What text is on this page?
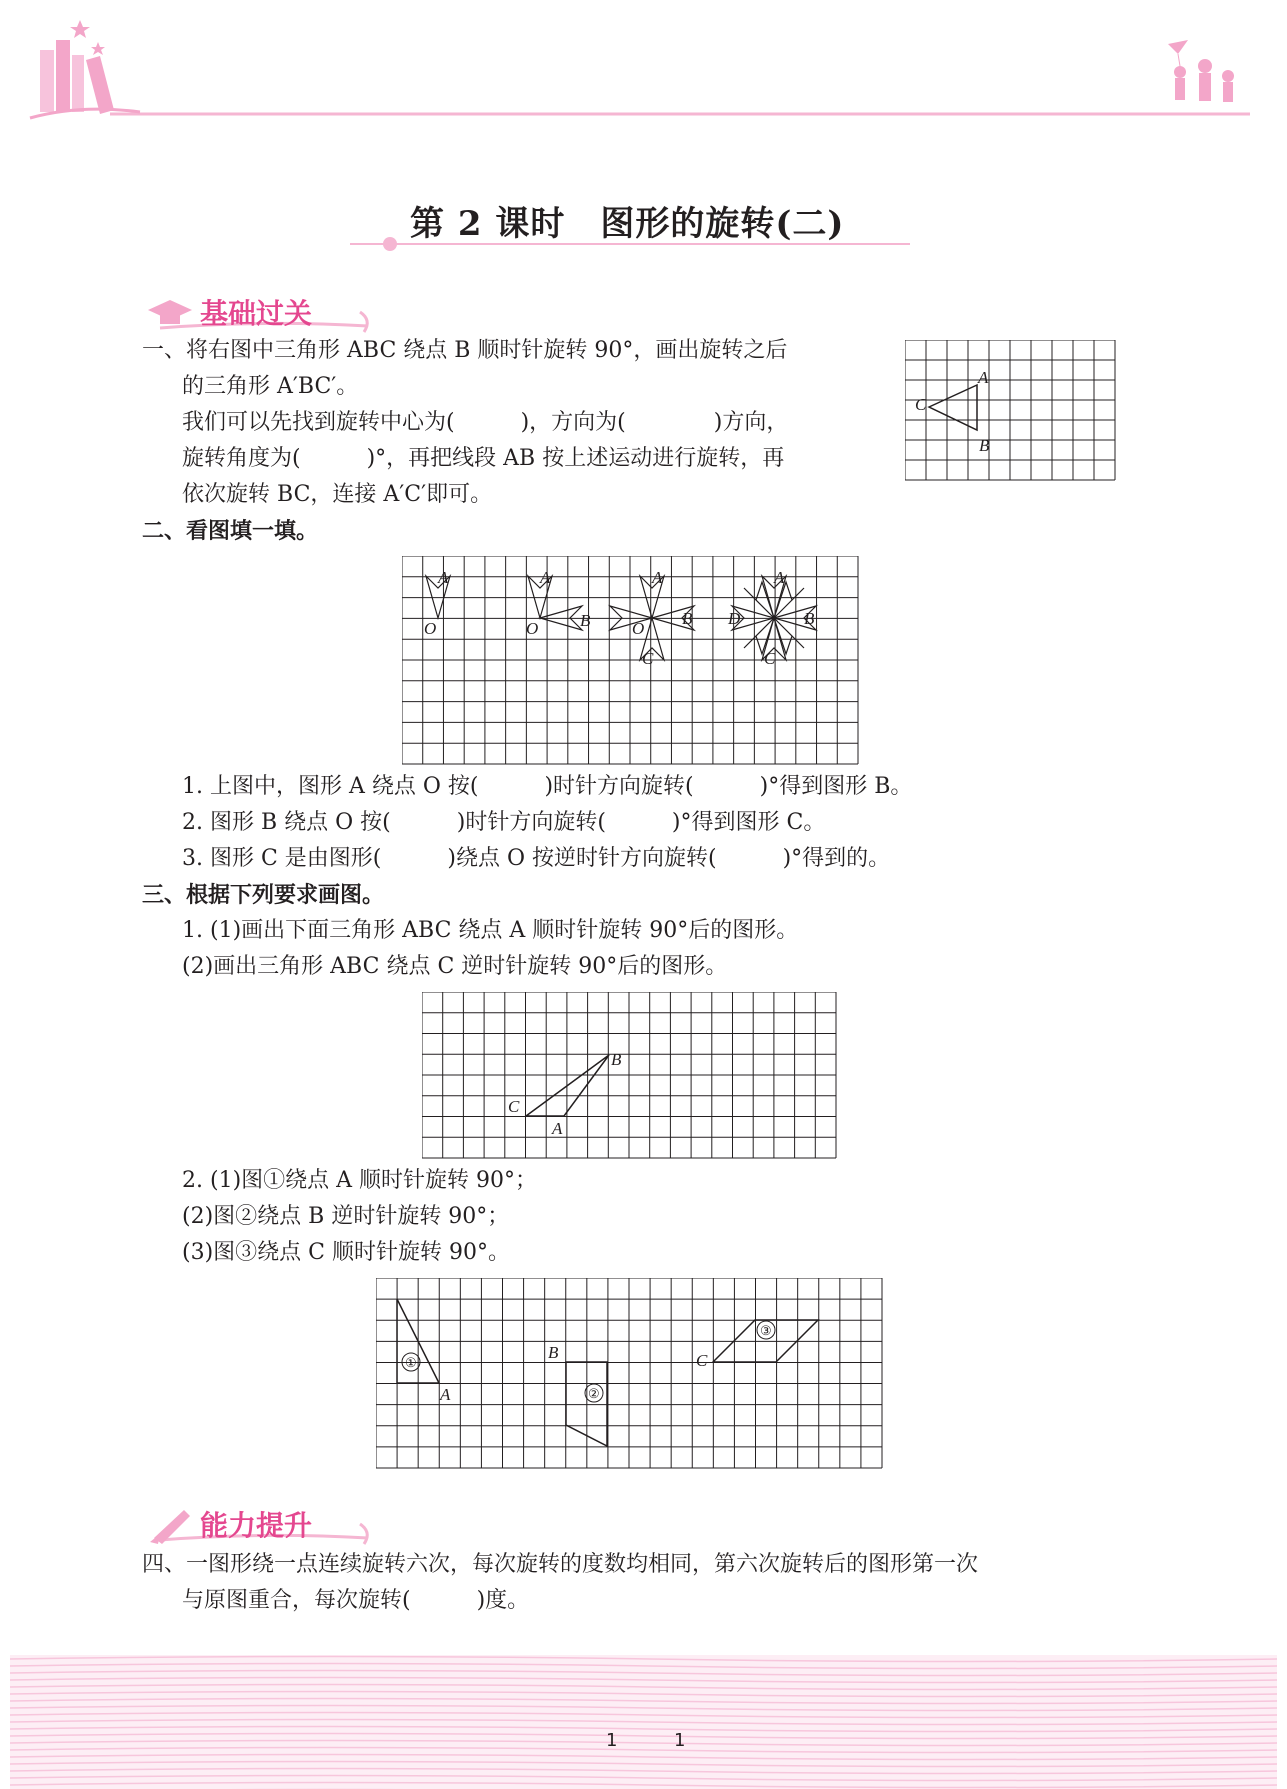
第 2 课时　图形的旋转(二)
基础过关
一、将右图中三角形 ABC 绕点 B 顺时针旋转 90°，画出旋转之后
的三角形 A′BC′。
我们可以先找到旋转中心为(　　　)，方向为(　　　　)方向，
旋转角度为(　　　)°，再把线段 AB 按上述运动进行旋转，再
依次旋转 BC，连接 A′C′即可。
A
C
B
二、看图填一填。
A
O
A
O B
A
O
B
C
A
D	B
C
1. 上图中，图形 A 绕点 O 按(　　　)时针方向旋转(　　　)°得到图形 B。
2. 图形 B 绕点 O 按(　　　)时针方向旋转(　　　)°得到图形 C。
3. 图形 C 是由图形(　　　)绕点 O 按逆时针方向旋转(　　　)°得到的。
三、根据下列要求画图。
1. (1)画出下面三角形 ABC 绕点 A 顺时针旋转 90°后的图形。
(2)画出三角形 ABC 绕点 C 逆时针旋转 90°后的图形。
B
C
A
2. (1)图①绕点 A 顺时针旋转 90°；
(2)图②绕点 B 逆时针旋转 90°；
(3)图③绕点 C 顺时针旋转 90°。
①
A	②
B
③
C
能力提升
四、一图形绕一点连续旋转六次，每次旋转的度数均相同，第六次旋转后的图形第一次
与原图重合，每次旋转(　　　)度。
1	1
